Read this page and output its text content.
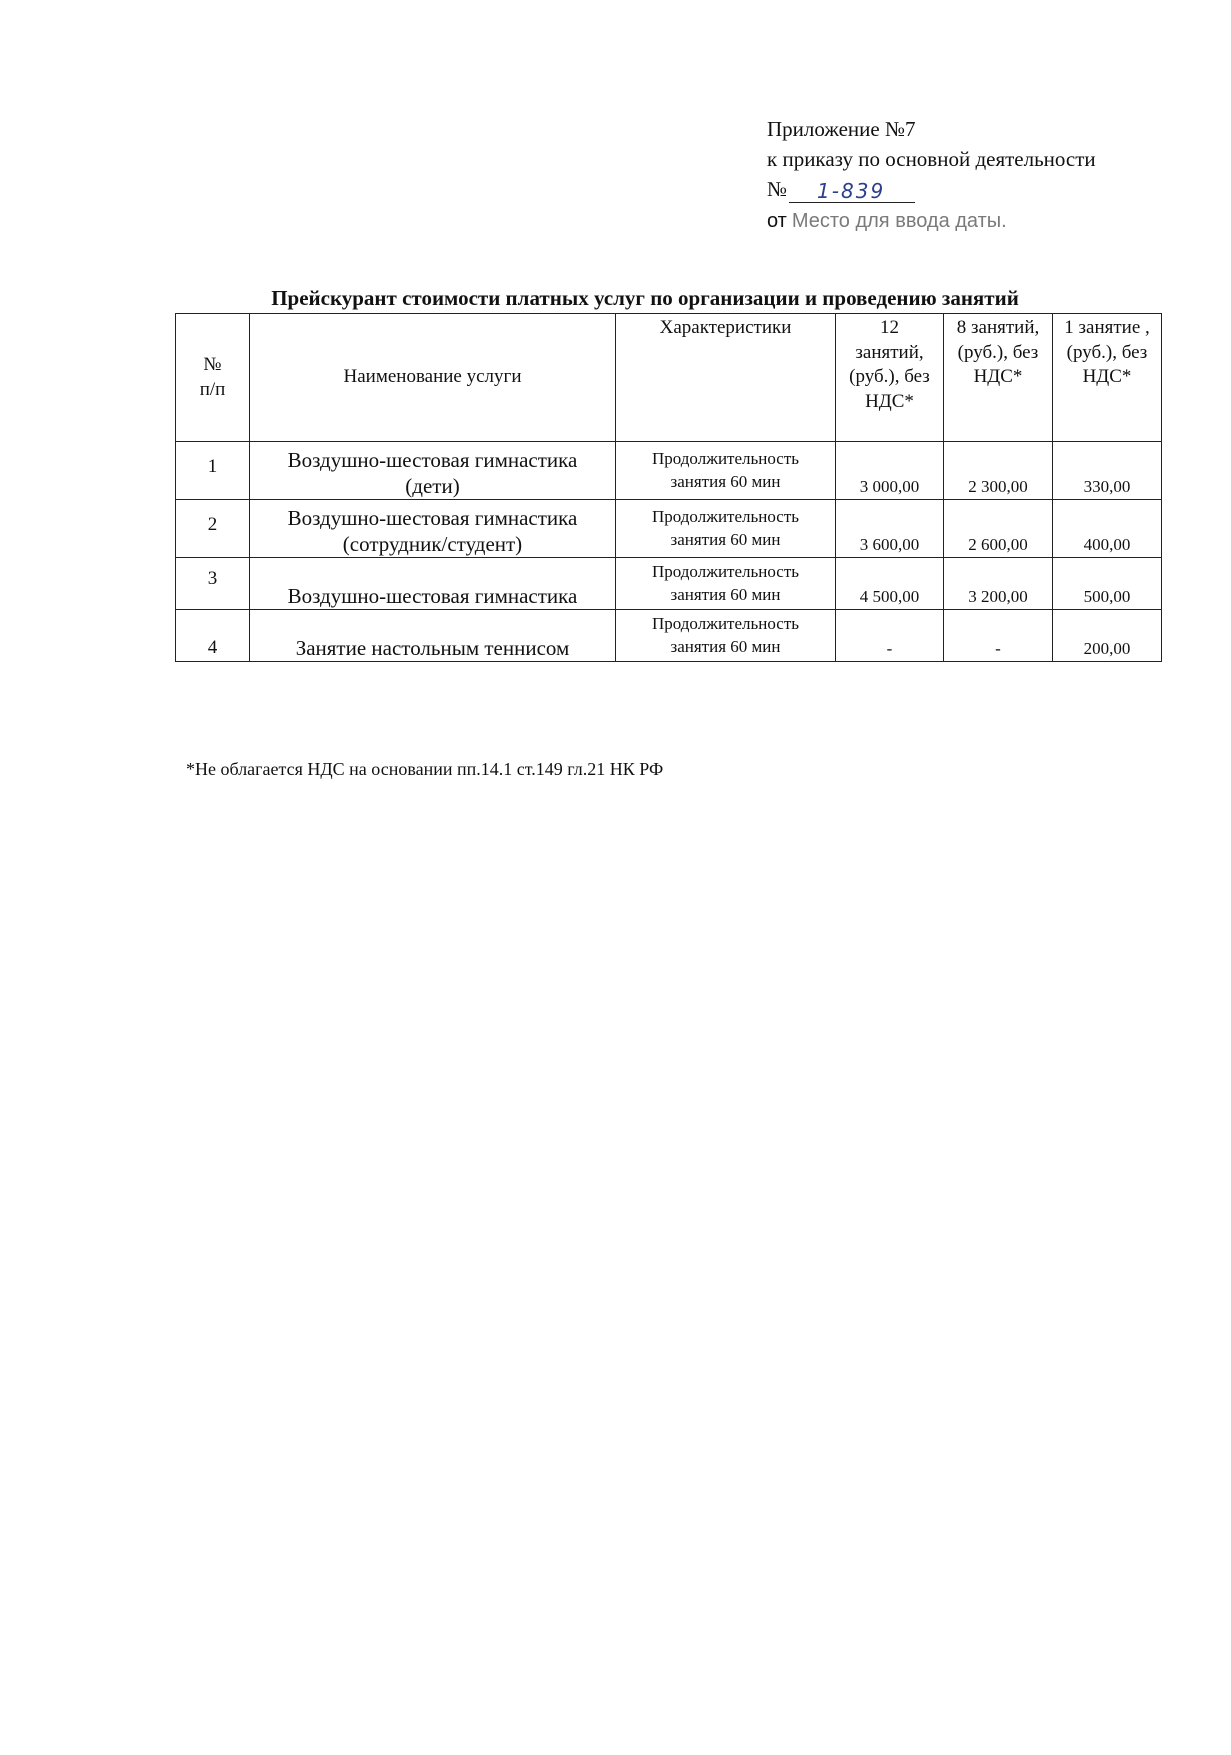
Приложение №7
к приказу по основной деятельности
№ 1-839
от Место для ввода даты.
Прейскурант стоимости платных услуг по организации и проведению занятий
№ п/п	Наименование услуги	Характеристики	12 занятий, (руб.), без НДС*	8 занятий, (руб.), без НДС*	1 занятие , (руб.), без НДС*
1	Воздушно-шестовая гимнастика (дети)	Продолжительность занятия 60 мин	3 000,00	2 300,00	330,00
2	Воздушно-шестовая гимнастика (сотрудник/студент)	Продолжительность занятия 60 мин	3 600,00	2 600,00	400,00
3	Воздушно-шестовая гимнастика	Продолжительность занятия 60 мин	4 500,00	3 200,00	500,00
4	Занятие настольным теннисом	Продолжительность занятия 60 мин	-	-	200,00
*Не облагается НДС на основании пп.14.1 ст.149 гл.21 НК РФ
